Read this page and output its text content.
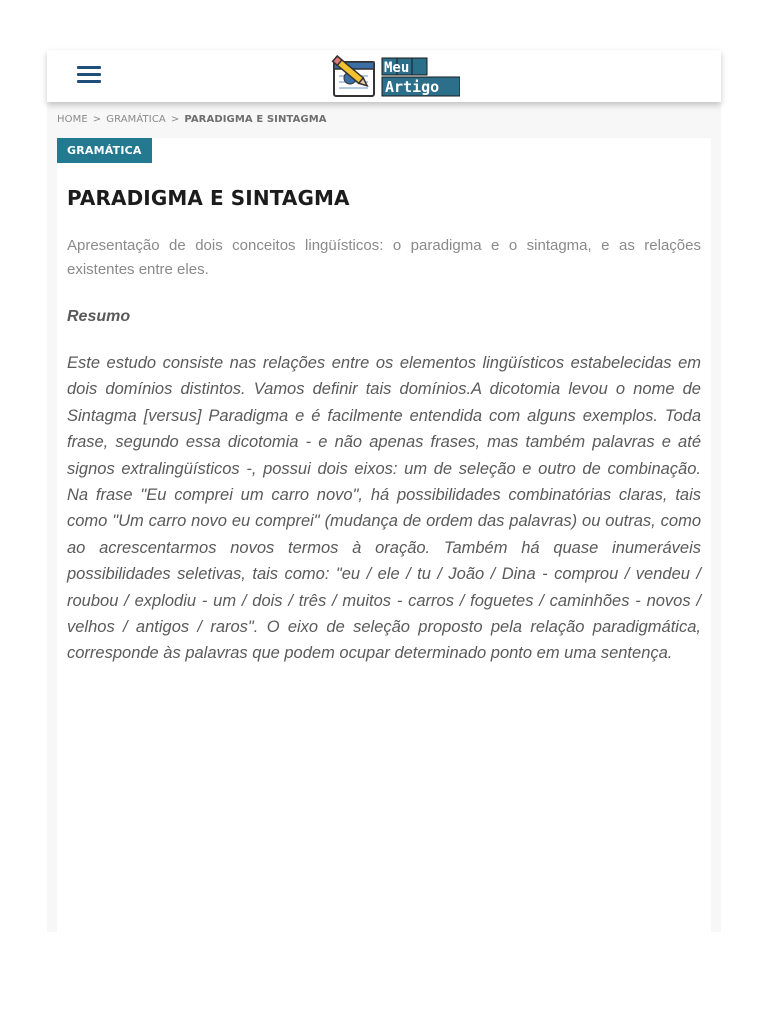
Meu
Artigo
HOME > GRAMÁTICA > PARADIGMA E SINTAGMA
GRAMÁTICA
PARADIGMA E SINTAGMA

Apresentação de dois conceitos lingüísticos: o paradigma e o sintagma, e as relações existentes entre eles.

Resumo

Este estudo consiste nas relações entre os elementos lingüísticos estabelecidas em dois domínios distintos. Vamos definir tais domínios.A dicotomia levou o nome de Sintagma [versus] Paradigma e é facilmente entendida com alguns exemplos. Toda frase, segundo essa dicotomia - e não apenas frases, mas também palavras e até signos extralingüísticos -, possui dois eixos: um de seleção e outro de combinação. Na frase "Eu comprei um carro novo", há possibilidades combinatórias claras, tais como "Um carro novo eu comprei" (mudança de ordem das palavras) ou outras, como ao acrescentarmos novos termos à oração. Também há quase inumeráveis possibilidades seletivas, tais como: "eu / ele / tu / João / Dina - comprou / vendeu / roubou / explodiu - um / dois / três / muitos - carros / foguetes / caminhões - novos / velhos / antigos / raros". O eixo de seleção proposto pela relação paradigmática, corresponde às palavras que podem ocupar determinado ponto em uma sentença.
